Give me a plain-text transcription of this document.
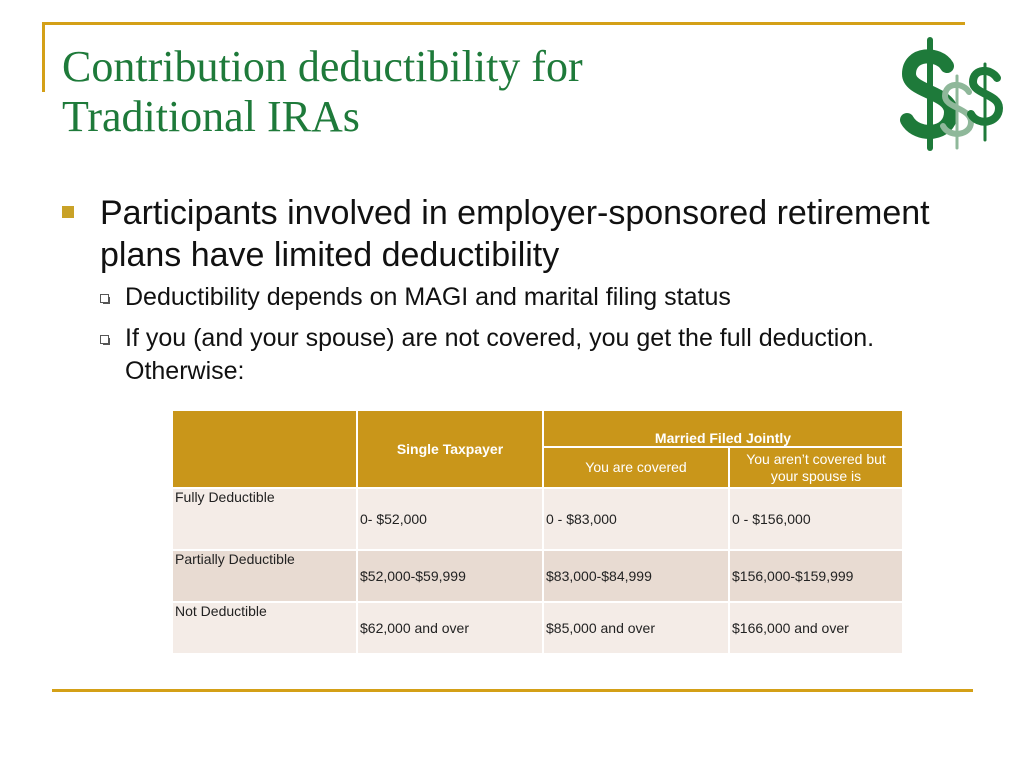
Contribution deductibility for
Traditional IRAs
Participants involved in employer-sponsored retirement plans have limited deductibility
Deductibility depends on MAGI and marital filing status
If you (and your spouse) are not covered, you get the full deduction. Otherwise:
	Single Taxpayer	Married Filed Jointly	
		You are covered	You aren’t covered but your spouse is
Fully Deductible	0- $52,000	0 - $83,000	0 - $156,000
Partially Deductible	$52,000-$59,999	$83,000-$84,999	$156,000-$159,999
Not Deductible	$62,000 and over	$85,000 and over	$166,000 and over
